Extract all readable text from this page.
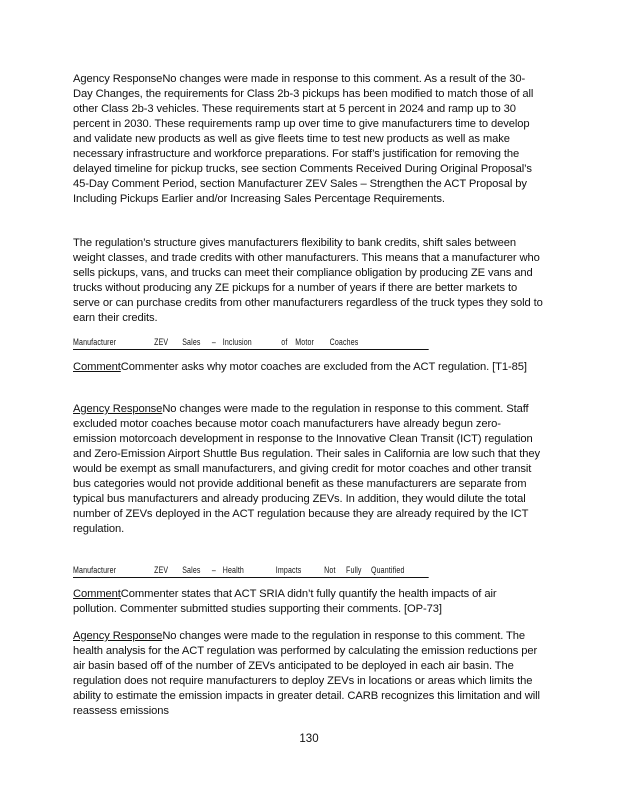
Agency ResponseNo changes were made in response to this comment. As a result of the 30-Day Changes, the requirements for Class 2b-3 pickups has been modified to match those of all other Class 2b-3 vehicles. These requirements start at 5 percent in 2024 and ramp up to 30 percent in 2030. These requirements ramp up over time to give manufacturers time to develop and validate new products as well as give fleets time to test new products as well as make necessary infrastructure and workforce preparations. For staff’s justification for removing the delayed timeline for pickup trucks, see section Comments Received During Original Proposal’s 45-Day Comment Period, section Manufacturer ZEV Sales – Strengthen the ACT Proposal by Including Pickups Earlier and/or Increasing Sales Percentage Requirements.
The regulation’s structure gives manufacturers flexibility to bank credits, shift sales between weight classes, and trade credits with other manufacturers. This means that a manufacturer who sells pickups, vans, and trucks can meet their compliance obligation by producing ZE vans and trucks without producing any ZE pickups for a number of years if there are better markets to serve or can purchase credits from other manufacturers regardless of the truck types they sold to earn their credits.
Manufacturer	ZEV Sales – Inclusion	of Motor Coaches
CommentCommenter asks why motor coaches are excluded from the ACT regulation. [T1-85]
Agency ResponseNo changes were made to the regulation in response to this comment. Staff excluded motor coaches because motor coach manufacturers have already begun zero-emission motorcoach development in response to the Innovative Clean Transit (ICT) regulation and Zero-Emission Airport Shuttle Bus regulation. Their sales in California are low such that they would be exempt as small manufacturers, and giving credit for motor coaches and other transit bus categories would not provide additional benefit as these manufacturers are separate from typical bus manufacturers and already producing ZEVs. In addition, they would dilute the total number of ZEVs deployed in the ACT regulation because they are already required by the ICT regulation.
Manufacturer	ZEV Sales – Health	Impacts	Not Fully Quantified
CommentCommenter states that ACT SRIA didn’t fully quantify the health impacts of air pollution. Commenter submitted studies supporting their comments. [OP-73]
Agency ResponseNo changes were made to the regulation in response to this comment. The health analysis for the ACT regulation was performed by calculating the emission reductions per air basin based off of the number of ZEVs anticipated to be deployed in each air basin. The regulation does not require manufacturers to deploy ZEVs in locations or areas which limits the ability to estimate the emission impacts in greater detail. CARB recognizes this limitation and will reassess emissions
130
